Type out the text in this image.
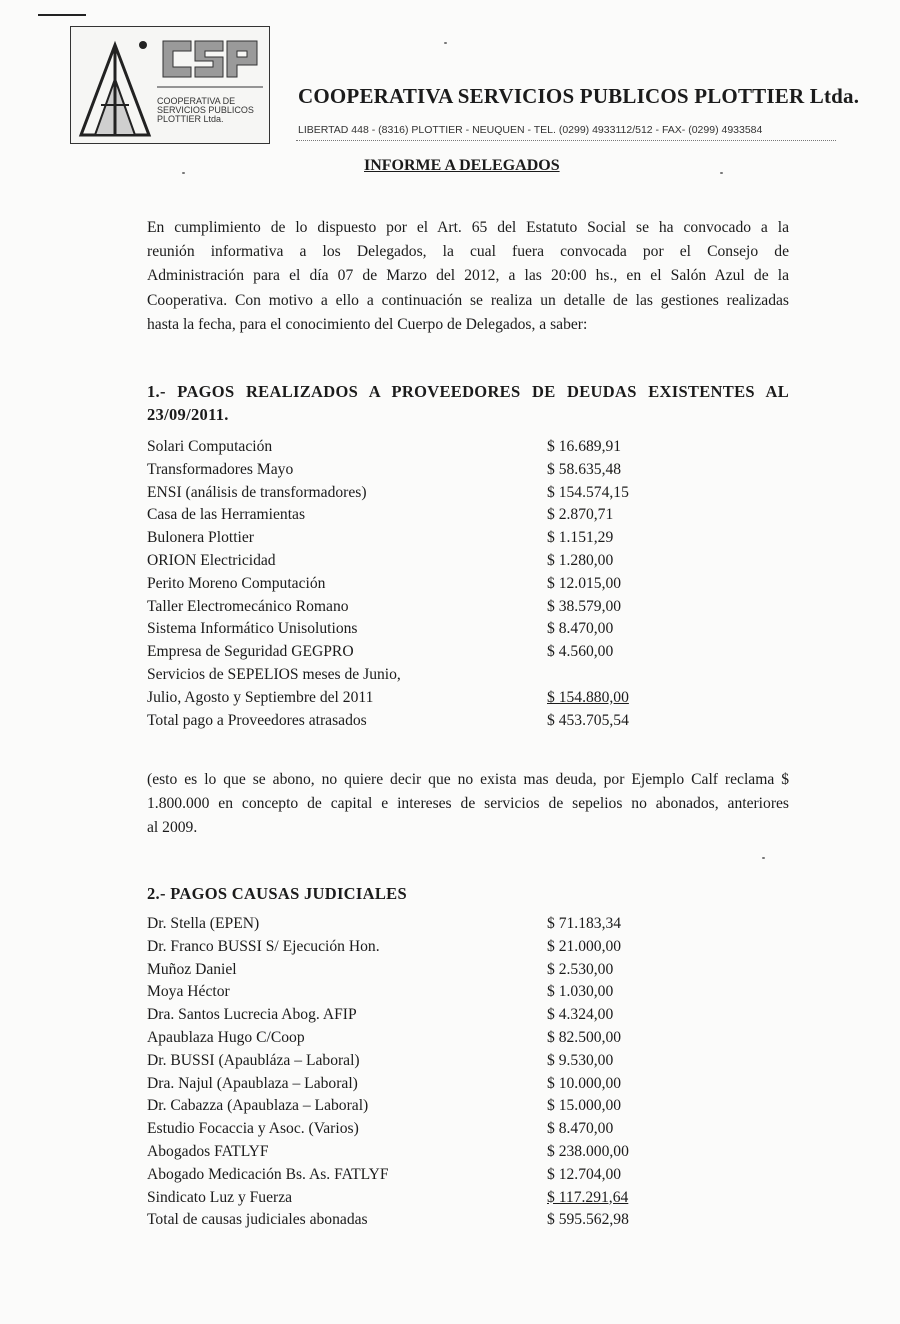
COOPERATIVA DE
SERVICIOS PUBLICOS
PLOTTIER Ltda.
COOPERATIVA SERVICIOS PUBLICOS PLOTTIER Ltda.
LIBERTAD 448 - (8316) PLOTTIER - NEUQUEN - TEL. (0299) 4933112/512 - FAX- (0299) 4933584
INFORME A DELEGADOS
En cumplimiento de lo dispuesto por el Art. 65 del Estatuto Social se ha convocado a la
reunión informativa a los Delegados, la cual fuera convocada por el Consejo de
Administración para el día 07 de Marzo del 2012, a las 20:00 hs., en el Salón Azul de la
Cooperativa. Con motivo a ello a continuación se realiza un detalle de las gestiones realizadas
hasta la fecha, para el conocimiento del Cuerpo de Delegados, a saber:
1.- PAGOS REALIZADOS A PROVEEDORES DE DEUDAS EXISTENTES AL
23/09/2011.
Solari Computación	$ 16.689,91
Transformadores Mayo	$ 58.635,48
ENSI (análisis de transformadores)	$ 154.574,15
Casa de las Herramientas	$ 2.870,71
Bulonera Plottier	$ 1.151,29
ORION Electricidad	$ 1.280,00
Perito Moreno Computación	$ 12.015,00
Taller Electromecánico Romano	$ 38.579,00
Sistema Informático Unisolutions	$ 8.470,00
Empresa de Seguridad GEGPRO	$ 4.560,00
Servicios de SEPELIOS meses de Junio,
Julio, Agosto y Septiembre del 2011	$ 154.880,00
Total pago a Proveedores atrasados	$ 453.705,54
(esto es lo que se abono, no quiere decir que no exista mas deuda, por Ejemplo Calf reclama $
1.800.000 en concepto de capital e intereses de servicios de sepelios no abonados, anteriores
al 2009.
2.- PAGOS CAUSAS JUDICIALES
Dr. Stella (EPEN)	$ 71.183,34
Dr. Franco BUSSI S/ Ejecución Hon.	$ 21.000,00
Muñoz Daniel	$ 2.530,00
Moya Héctor	$ 1.030,00
Dra. Santos Lucrecia Abog. AFIP	$ 4.324,00
Apaublaza Hugo C/Coop	$ 82.500,00
Dr. BUSSI (Apaubláza – Laboral)	$ 9.530,00
Dra. Najul (Apaublaza – Laboral)	$ 10.000,00
Dr. Cabazza (Apaublaza – Laboral)	$ 15.000,00
Estudio Focaccia y Asoc. (Varios)	$ 8.470,00
Abogados FATLYF	$ 238.000,00
Abogado Medicación Bs. As. FATLYF	$ 12.704,00
Sindicato Luz y Fuerza	$ 117.291,64
Total de causas judiciales abonadas	$ 595.562,98
